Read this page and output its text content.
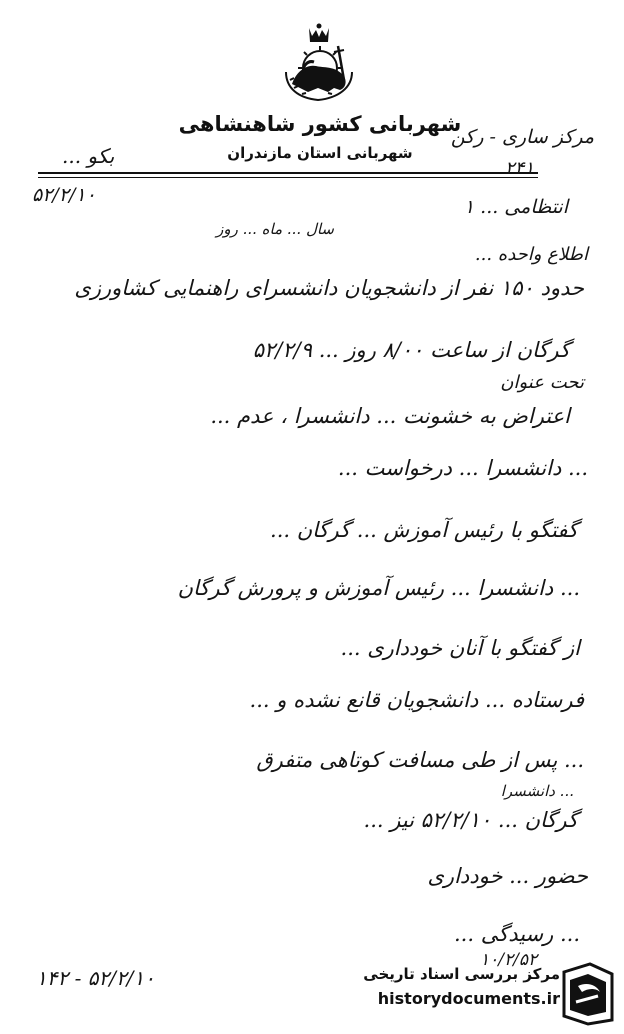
شهربانی کشور شاهنشاهی
شهربانی استان مازندران
مرکز ساری - رکن
۲۴۱
بکو ...
۵۲/۲/۱۰
انتظامی ... ۱
سال ... ماه ... روز
اطلاع واحده ...
حدود ۱۵۰ نفر از دانشجویان دانشسرای راهنمایی کشاورزی
گرگان از ساعت ۸/۰۰ روز ... ۵۲/۲/۹
تحت عنوان
اعتراض به خشونت ... دانشسرا ، عدم ...
... دانشسرا ... درخواست ...
گفتگو با رئیس آموزش ... گرگان ...
... دانشسرا ... رئیس آموزش و پرورش گرگان
از گفتگو با آنان خودداری ...
فرستاده ... دانشجویان قانع نشده و ...
... پس از طی مسافت کوتاهی متفرق
... دانشسرا
گرگان ... ۵۲/۲/۱۰ نیز ...
حضور ... خودداری
... رسیدگی ...
۱۰/۲/۵۲
۵۲/۲/۱۰ - ۱۴۲	مرکز بررسی اسناد تاریخی
historydocuments.ir
